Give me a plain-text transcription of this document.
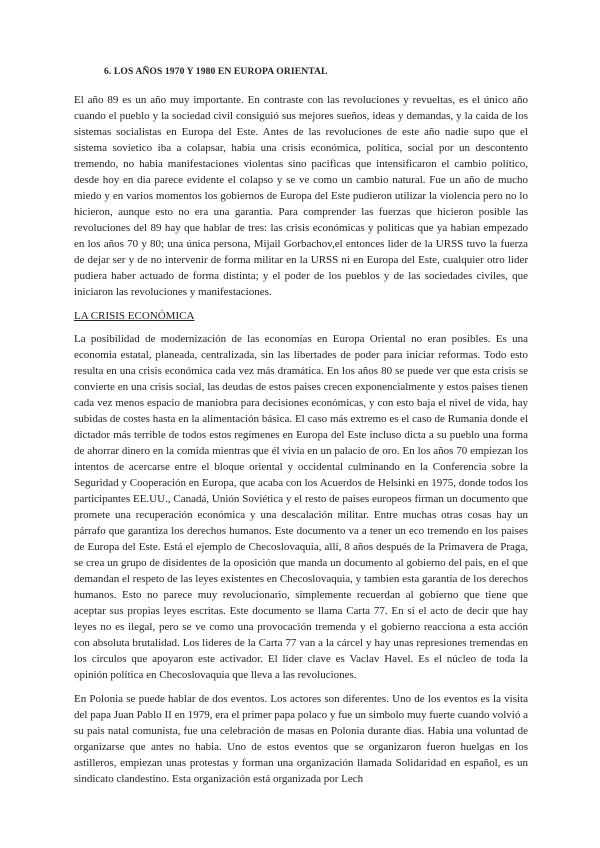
6. LOS AÑOS 1970 Y 1980 EN EUROPA ORIENTAL

El año 89 es un año muy importante. En contraste con las revoluciones y revueltas, es el único año cuando el pueblo y la sociedad civil consiguió sus mejores sueños, ideas y demandas, y la caida de los sistemas socialistas en Europa del Este. Antes de las revoluciones de este año nadie supo que el sistema sovietico iba a colapsar, habia una crisis económica, política, social por un descontento tremendo, no habia manifestaciones violentas sino pacificas que intensificaron el cambio político, desde hoy en dia parece evidente el colapso y se ve como un cambio natural. Fue un año de mucho miedo y en varios momentos los gobiernos de Europa del Este pudieron utilizar la violencia pero no lo hicieron, aunque esto no era una garantia. Para comprender las fuerzas que hicieron posible las revoluciones del 89 hay que hablar de tres: las crisis económicas y politicas que ya habian empezado en los años 70 y 80; una única persona, Mijail Gorbachov,el entonces lider de la URSS tuvo la fuerza de dejar ser y de no intervenir de forma militar en la URSS ni en Europa del Este, cualquier otro lider pudiera haber actuado de forma distinta; y el poder de los pueblos y de las sociedades civiles, que iniciaron las revoluciones y manifestaciones.

LA CRISIS ECONÓMICA

La posibilidad de modernización de las economías en Europa Oriental no eran posibles. Es una economia estatal, planeada, centralizada, sin las libertades de poder para iniciar reformas. Todo esto resulta en una crisis económica cada vez más dramática. En los años 80 se puede ver que esta crisis se convierte en una crisis social, las deudas de estos paises crecen exponencialmente y estos paises tienen cada vez menos espacio de maniobra para decisiones económicas, y con esto baja el nivel de vida, hay subidas de costes hasta en la alimentación básica. El caso más extremo es el caso de Rumania donde el dictador más terrible de todos estos regímenes en Europa del Este incluso dicta a su pueblo una forma de ahorrar dinero en la comida mientras que él vivia en un palacio de oro. En los años 70 empiezan los intentos de acercarse entre el bloque oriental y occidental culminando en la Conferencia sobre la Seguridad y Cooperación en Europa, que acaba con los Acuerdos de Helsinki en 1975, donde todos los participantes EE.UU., Canadá, Unión Soviética y el resto de paises europeos firman un documento que promete una recuperación económica y una descalación militar. Entre muchas otras cosas hay un párrafo que garantiza los derechos humanos. Este documento va a tener un eco tremendo en los paises de Europa del Este. Está el ejemplo de Checoslovaquia, allí, 8 años después de la Primavera de Praga, se crea un grupo de disidentes de la oposición que manda un documento al gobierno del pais, en el que demandan el respeto de las leyes existentes en Checoslovaquia, y tambien esta garantia de los derechos humanos. Esto no parece muy revolucionario, simplemente recuerdan al gobierno que tiene que aceptar sus propias leyes escritas. Este documento se llama Carta 77. En si el acto de decir que hay leyes no es ilegal, pero se ve como una provocación tremenda y el gobierno reacciona a esta acción con absoluta brutalidad. Los lideres de la Carta 77 van a la cárcel y hay unas represiones tremendas en los circulos que apoyaron este activador. El lider clave es Vaclav Havel. Es el núcleo de toda la opinión política en Checoslovaquia que lleva a las revoluciones.

En Polonia se puede hablar de dos eventos. Los actores son diferentes. Uno de los eventos es la visita del papa Juan Pablo II en 1979, era el primer papa polaco y fue un simbolo muy fuerte cuando volvió a su pais natal comunista, fue una celebración de masas en Polonia durante dias. Habia una voluntad de organizarse que antes no habia. Uno de estos eventos que se organizaron fueron huelgas en los astilleros, empiezan unas protestas y forman una organización llamada Solidaridad en español, es un sindicato clandestino. Esta organización está organizada por Lech
